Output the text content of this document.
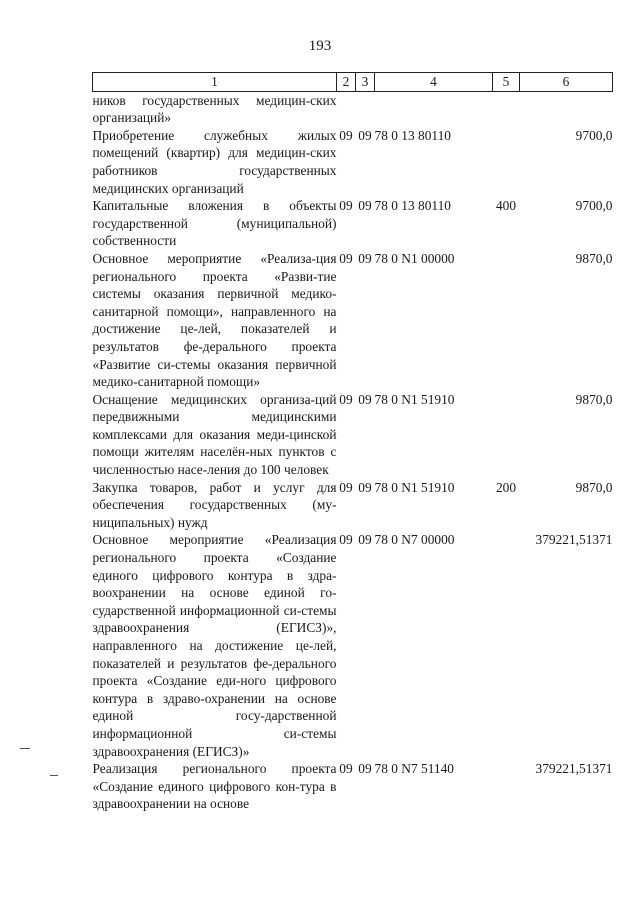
193
1	2	3	4	5	6
ников государственных медицин-ских организаций»					
Приобретение служебных жилых помещений (квартир) для медицин-ских работников государственных медицинских организаций	09	09	78 0 13 80110		9700,0
Капитальные вложения в объекты государственной (муниципальной) собственности	09	09	78 0 13 80110	400	9700,0
Основное мероприятие «Реализа-ция регионального проекта «Разви-тие системы оказания первичной медико-санитарной помощи», направленного на достижение це-лей, показателей и результатов фе-дерального проекта «Развитие си-стемы оказания первичной медико-санитарной помощи»	09	09	78 0 N1 00000		9870,0
Оснащение медицинских организа-ций передвижными медицинскими комплексами для оказания меди-цинской помощи жителям населён-ных пунктов с численностью насе-ления до 100 человек	09	09	78 0 N1 51910		9870,0
Закупка товаров, работ и услуг для обеспечения государственных (му-ниципальных) нужд	09	09	78 0 N1 51910	200	9870,0
Основное мероприятие «Реализация регионального проекта «Создание единого цифрового контура в здра-воохранении на основе единой го-сударственной информационной си-стемы здравоохранения (ЕГИСЗ)», направленного на достижение це-лей, показателей и результатов фе-дерального проекта «Создание еди-ного цифрового контура в здраво-охранении на основе единой госу-дарственной информационной си-стемы здравоохранения (ЕГИСЗ)»	09	09	78 0 N7 00000		379221,51371
Реализация регионального проекта «Создание единого цифрового кон-тура в здравоохранении на основе	09	09	78 0 N7 51140		379221,51371
